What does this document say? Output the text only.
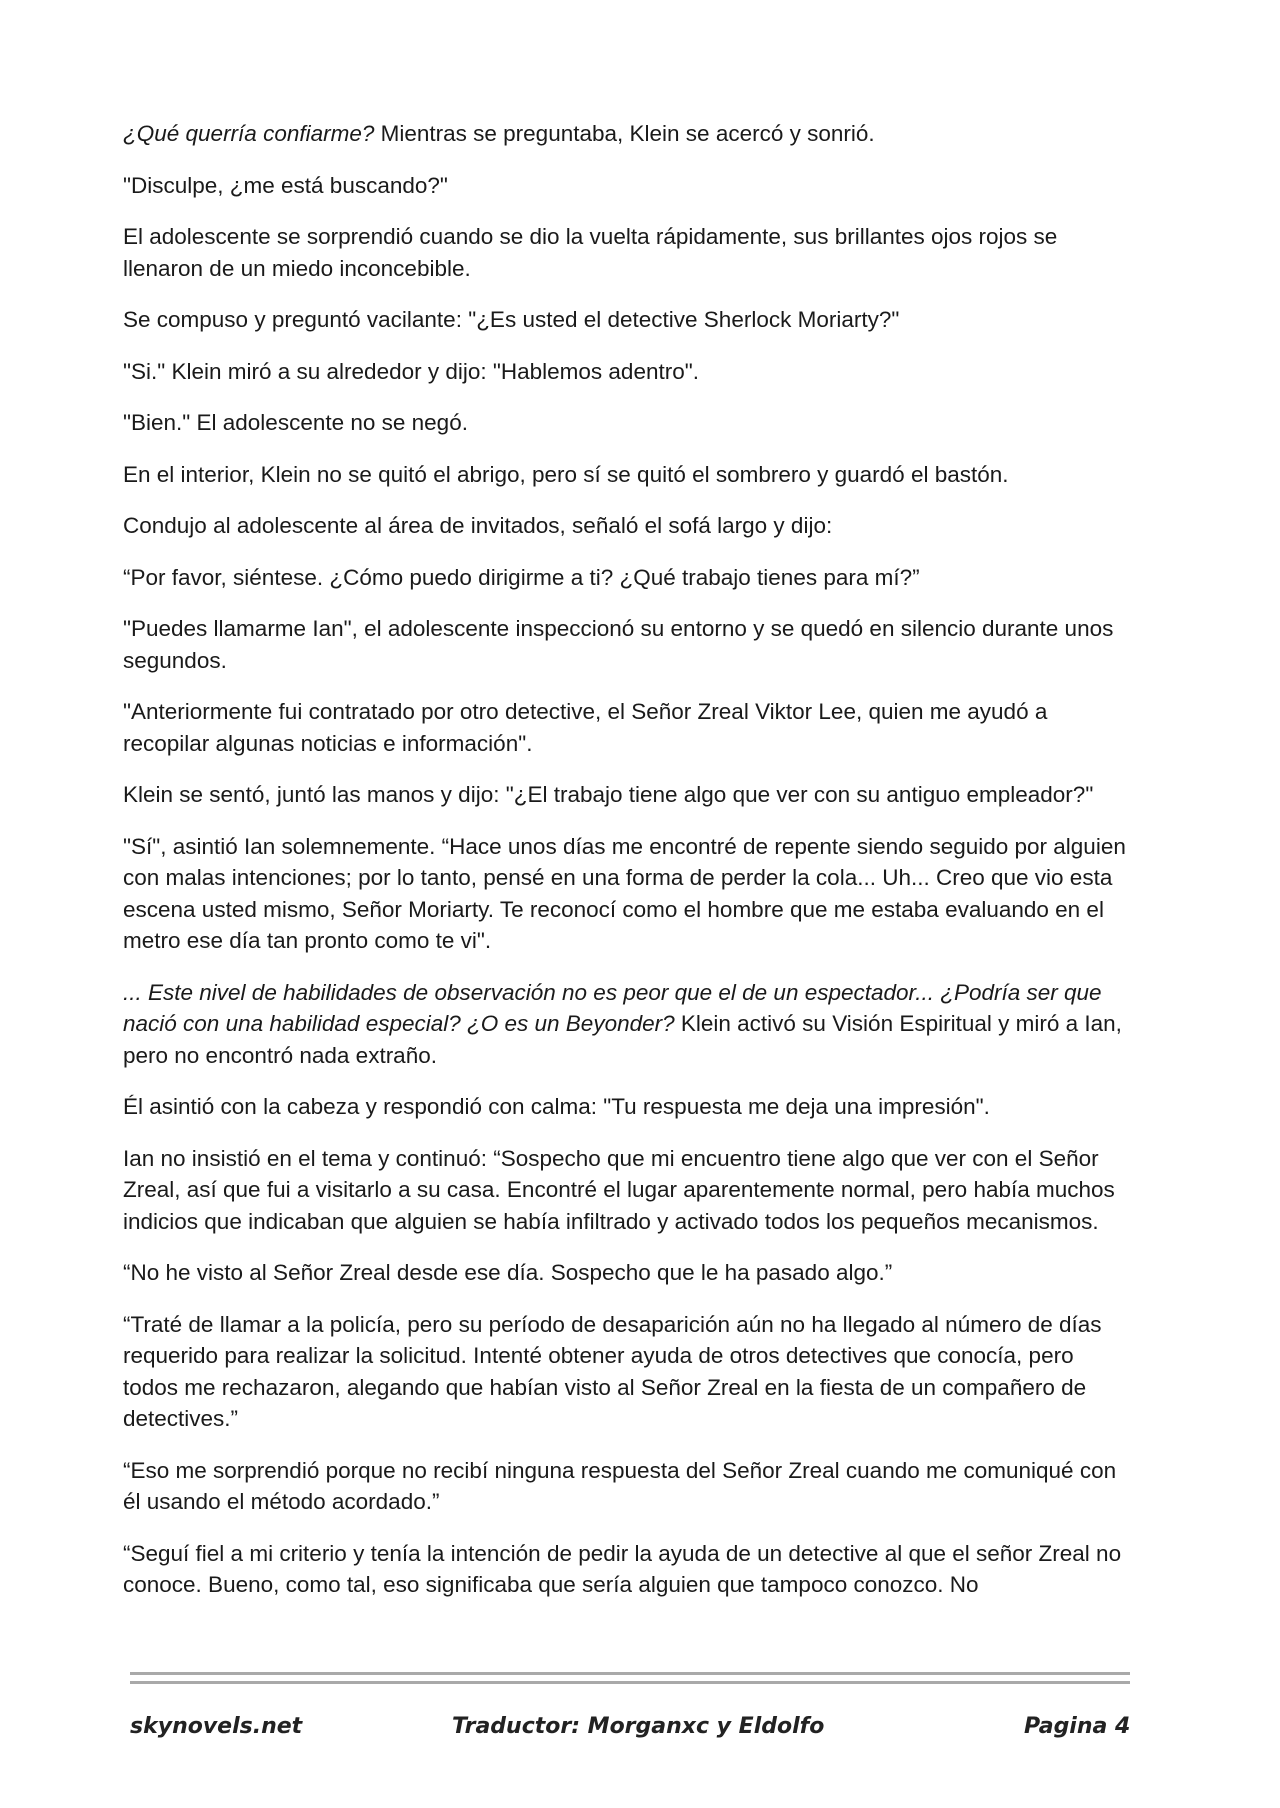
¿Qué querría confiarme? Mientras se preguntaba, Klein se acercó y sonrió.

"Disculpe, ¿me está buscando?"

El adolescente se sorprendió cuando se dio la vuelta rápidamente, sus brillantes ojos rojos se llenaron de un miedo inconcebible.

Se compuso y preguntó vacilante: "¿Es usted el detective Sherlock Moriarty?"

"Si." Klein miró a su alrededor y dijo: "Hablemos adentro".

"Bien." El adolescente no se negó.

En el interior, Klein no se quitó el abrigo, pero sí se quitó el sombrero y guardó el bastón.

Condujo al adolescente al área de invitados, señaló el sofá largo y dijo:

“Por favor, siéntese. ¿Cómo puedo dirigirme a ti? ¿Qué trabajo tienes para mí?”

"Puedes llamarme Ian", el adolescente inspeccionó su entorno y se quedó en silencio durante unos segundos.

"Anteriormente fui contratado por otro detective, el Señor Zreal Viktor Lee, quien me ayudó a recopilar algunas noticias e información".

Klein se sentó, juntó las manos y dijo: "¿El trabajo tiene algo que ver con su antiguo empleador?"

"Sí", asintió Ian solemnemente. “Hace unos días me encontré de repente siendo seguido por alguien con malas intenciones; por lo tanto, pensé en una forma de perder la cola... Uh... Creo que vio esta escena usted mismo, Señor Moriarty. Te reconocí como el hombre que me estaba evaluando en el metro ese día tan pronto como te vi".

... Este nivel de habilidades de observación no es peor que el de un espectador... ¿Podría ser que nació con una habilidad especial? ¿O es un Beyonder? Klein activó su Visión Espiritual y miró a Ian, pero no encontró nada extraño.

Él asintió con la cabeza y respondió con calma: "Tu respuesta me deja una impresión".

Ian no insistió en el tema y continuó: “Sospecho que mi encuentro tiene algo que ver con el Señor Zreal, así que fui a visitarlo a su casa. Encontré el lugar aparentemente normal, pero había muchos indicios que indicaban que alguien se había infiltrado y activado todos los pequeños mecanismos.

“No he visto al Señor Zreal desde ese día. Sospecho que le ha pasado algo.”

“Traté de llamar a la policía, pero su período de desaparición aún no ha llegado al número de días requerido para realizar la solicitud. Intenté obtener ayuda de otros detectives que conocía, pero todos me rechazaron, alegando que habían visto al Señor Zreal en la fiesta de un compañero de detectives.”

“Eso me sorprendió porque no recibí ninguna respuesta del Señor Zreal cuando me comuniqué con él usando el método acordado.”

“Seguí fiel a mi criterio y tenía la intención de pedir la ayuda de un detective al que el señor Zreal no conoce. Bueno, como tal, eso significaba que sería alguien que tampoco conozco. No

skynovels.net	Traductor: Morganxc y Eldolfo	Pagina 4
